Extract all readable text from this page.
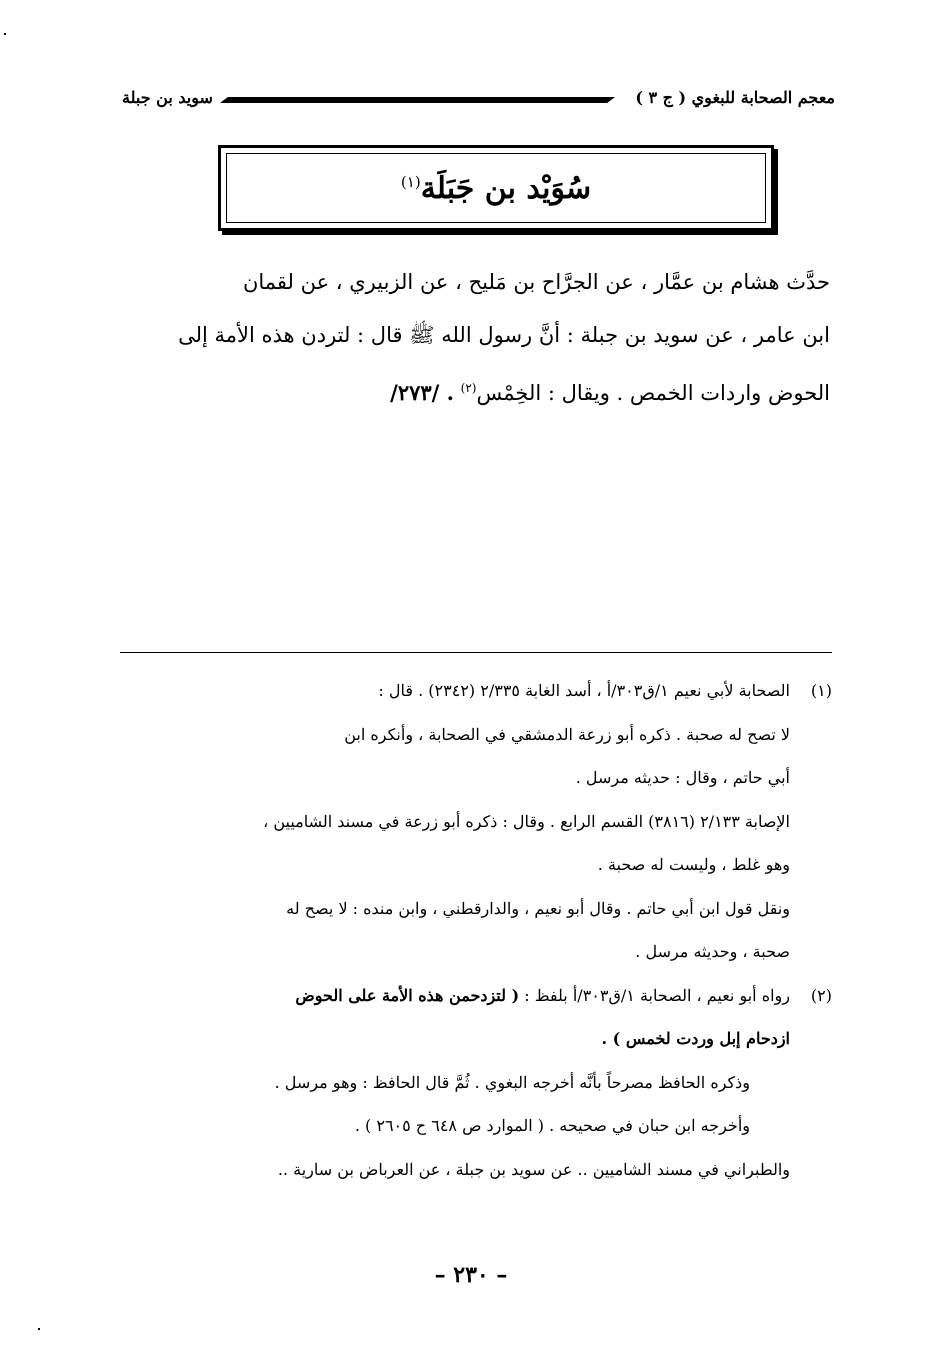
معجم الصحابة للبغوي ( ج ٣ )
سويد بن جبلة
سُوَيْد بن جَبَلَة$^{(١)}$

حدَّث هشام بن عمَّار ، عن الجرَّاح بن مَليح ، عن الزبيري ، عن لقمان

ابن عامر ، عن سويد بن جبلة : أنَّ رسول الله ﷺ قال : لتردن هذه الأمة إلى

الحوض واردات الخمص . ويقال : الخِمْس$^{(٢)}$ . /٢٧٣/

(١)

الصحابة لأبي نعيم ١/ق٣٠٣/أ ، أسد الغابة ٢/٣٣٥ (٢٣٤٢) . قال :

لا تصح له صحبة . ذكره أبو زرعة الدمشقي في الصحابة ، وأنكره ابن

أبي حاتم ، وقال : حديثه مرسل .

الإصابة ٢/١٣٣ (٣٨١٦) القسم الرابع . وقال : ذكره أبو زرعة في مسند الشاميين ،

وهو غلط ، وليست له صحبة .

ونقل قول ابن أبي حاتم . وقال أبو نعيم ، والدارقطني ، وابن منده : لا يصح له

صحبة ، وحديثه مرسل .

(٢)

رواه أبو نعيم ، الصحابة ١/ق٣٠٣/أ بلفظ : ( لتزدحمن هذه الأمة على الحوض

ازدحام إبل وردت لخمس ) .

وذكره الحافظ مصرحاً بأنَّه أخرجه البغوي . ثُمَّ قال الحافظ : وهو مرسل .

وأخرجه ابن حبان في صحيحه . ( الموارد ص ٦٤٨ ح ٢٦٠٥ ) .

والطبراني في مسند الشاميين .. عن سويد بن جبلة ، عن العرباض بن سارية ..

– ٢٣٠ –
